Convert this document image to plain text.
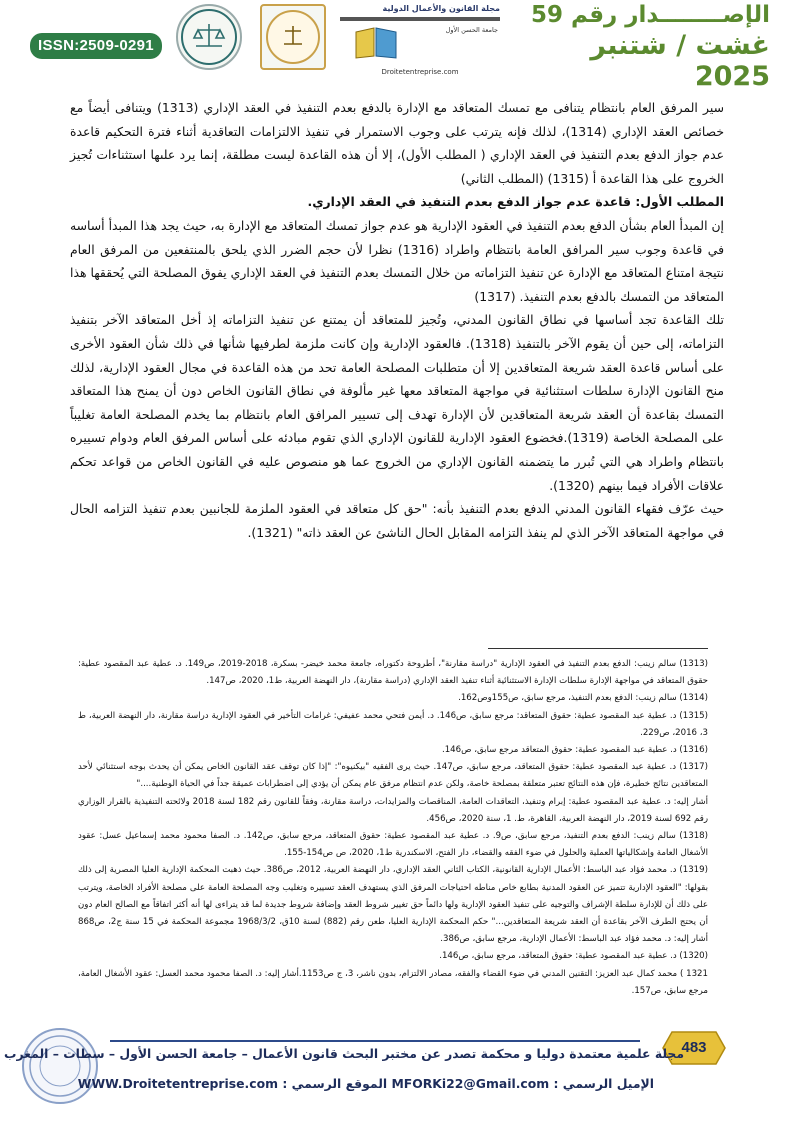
ISSN:2509-0291
مجلة القانون والأعمال الدولية
جامعة الحسن الأول
Droitetentreprise.com
الإصــــــــدار رقم 59
غشت / شتنبر 2025

سير المرفق العام بانتظام يتنافى مع تمسك المتعاقد مع الإدارة بالدفع بعدم التنفيذ في العقد الإداري (1313) ويتنافى أيضاً مع خصائص العقد الإداري (1314)، لذلك فإنه يترتب على وجوب الاستمرار في تنفيذ الالتزامات التعاقدية أثناء فترة التحكيم قاعدة عدم جواز الدفع بعدم التنفيذ في العقد الإداري ( المطلب الأول)، إلا أن هذه القاعدة ليست مطلقة، إنما يرد علىها استثناءات تُجيز الخروج على هذا القاعدة أ (1315) (المطلب الثاني)

المطلب الأول: قاعدة عدم جواز الدفع بعدم التنفيذ في العقد الإداري.

إن المبدأ العام بشأن الدفع بعدم التنفيذ في العقود الإدارية هو عدم جواز تمسك المتعاقد مع الإدارة به، حيث يجد هذا المبدأ أساسه في قاعدة وجوب سير المرافق العامة بانتظام واطراد (1316) نظرا لأن حجم الضرر الذي يلحق بالمنتفعين من المرفق العام نتيجة امتناع المتعاقد مع الإدارة عن تنفيذ التزاماته من خلال التمسك بعدم التنفيذ في العقد الإداري يفوق المصلحة التي يُحققها هذا المتعاقد من التمسك بالدفع بعدم التنفيذ. (1317)

تلك القاعدة تجد أساسها في نطاق القانون المدني، وتُجيز للمتعاقد أن يمتنع عن تنفيذ التزاماته إذ أخل المتعاقد الآخر بتنفيذ التزاماته، إلى حين أن يقوم الآخر بالتنفيذ (1318). فالعقود الإدارية وإن كانت ملزمة لطرفيها شأنها في ذلك شأن العقود الأخرى على أساس قاعدة العقد شريعة المتعاقدين إلا أن متطلبات المصلحة العامة تحد من هذه القاعدة في مجال العقود الإدارية، لذلك منح القانون الإدارة سلطات استثنائية في مواجهة المتعاقد معها غير مألوفة في نطاق القانون الخاص دون أن يمنح هذا المتعاقد التمسك بقاعدة أن العقد شريعة المتعاقدين لأن الإدارة تهدف إلى تسيير المرافق العام بانتظام بما يخدم المصلحة العامة تغليباً على المصلحة الخاصة (1319).فخضوع العقود الإدارية للقانون الإداري الذي تقوم مبادئه على أساس المرفق العام ودوام تسييره بانتظام واطراد هي التي تُبرر ما يتضمنه القانون الإداري من الخروج عما هو منصوص عليه في القانون الخاص من قواعد تحكم علاقات الأفراد فيما بينهم (1320).

حيث عرّف فقهاء القانون المدني الدفع بعدم التنفيذ بأنه: "حق كل متعاقد في العقود الملزمة للجانبين بعدم تنفيذ التزامه الحال في مواجهة المتعاقد الآخر الذي لم ينفذ التزامه المقابل الحال الناشئ عن العقد ذاته" (1321).

(1313) سالم زينب: الدفع بعدم التنفيذ في العقود الإدارية "دراسة مقارنة"، أطروحة دكتوراه، جامعة محمد خيضر- بسكرة، 2018-2019، ص149. د. عطية عبد المقصود عطية: حقوق المتعاقد في مواجهة الإدارة سلطات الإدارة الاستثنائية أثناء تنفيذ العقد الإداري (دراسة مقارنة)، دار النهضة العربية، ط1، 2020، ص147.

(1314) سالم زينب: الدفع بعدم التنفيذ، مرجع سابق، ص155وص162.

(1315) د. عطية عبد المقصود عطية: حقوق المتعاقد: مرجع سابق، ص146. د. أيمن فتحي محمد عفيفي: غرامات التأخير في العقود الإدارية دراسة مقارنة، دار النهضة العربية، ط 3، 2016، ص229.

(1316) د. عطية عبد المقصود عطية: حقوق المتعاقد مرجع سابق، ص146.

(1317) د. عطية عبد المقصود عطية: حقوق المتعاقد، مرجع سابق، ص147. حيث يرى الفقيه "بيكنيوه": "إذا كان توقف عقد القانون الخاص يمكن أن يحدث بوجه استثنائي لأحد المتعاقدين نتائج خطيرة، فإن هذه النتائج تعتبر متعلقة بمصلحة خاصة، ولكن عدم انتظام مرفق عام يمكن أن يؤدي إلى اضطرابات عميقة جداً في الحياة الوطنية...."

أشار إليه: د. عطية عبد المقصود عطية: إبرام وتنفيذ، التعاقدات العامة، المناقصات والمزايدات، دراسة مقارنة، وفقاً للقانون رقم 182 لسنة 2018 ولائحته التنفيذية بالقرار الوزاري رقم 692 لسنة 2019، دار النهضة العربية، القاهرة، ط. 1، سنة 2020، ص456.

(1318) سالم زينب: الدفع بعدم التنفيذ، مرجع سابق، ص9. د. عطية عبد المقصود عطية: حقوق المتعاقد، مرجع سابق، ص142. د. الصفا محمود محمد إسماعيل عسل: عقود الأشغال العامة وإشكالياتها العملية والحلول في ضوء الفقه والقضاء، دار الفتح، الاسكندرية ط1، 2020، ص ص154-155.

(1319) د. محمد فؤاد عبد الباسط: الأعمال الإدارية القانونية، الكتاب الثاني العقد الإداري، دار النهضة العربية، 2012، ص386. حيث ذهبت المحكمة الإدارية العليا المصرية إلى ذلك بقولها: "العقود الإدارية تتميز عن العقود المدنية بطابع خاص مناطه احتياجات المرفق الذي يستهدف العقد تسييره وتغليب وجه المصلحة العامة على مصلحة الأفراد الخاصة، ويترتب على ذلك أن للإدارة سلطة الإشراف والتوجيه على تنفيذ العقود الإدارية ولها دائماً حق تغيير شروط العقد وإضافة شروط جديدة لما قد يتراءى لها أنه أكثر اتفاقاً مع الصالح العام دون أن يحتج الطرف الآخر بقاعدة أن العقد شريعة المتعاقدين..." حكم المحكمة الإدارية العليا، طعن رقم (882) لسنة 10ق، 1968/3/2 مجموعة المحكمة في 15 سنة ج2، ص868 أشار إليه: د. محمد فؤاد عبد الباسط: الأعمال الإدارية، مرجع سابق، ص386.

(1320) د. عطية عبد المقصود عطية: حقوق المتعاقد، مرجع سابق، ص146.

1321 ) محمد كمال عبد العزيز: التقنين المدني في ضوء القضاء والفقه، مصادر الالتزام، بدون ناشر، 3، ج ص1153.أشار إليه: د. الصفا محمود محمد العسل: عقود الأشغال العامة، مرجع سابق، ص157.

483
مجلة علمية معتمدة دوليا و محكمة تصدر عن مختبر البحث قانون الأعمال – جامعة الحسن الأول – سطات – المغرب
الإميل الرسمي : MFORKi22@Gmail.com الموقع الرسمي : WWW.Droitetentreprise.com
